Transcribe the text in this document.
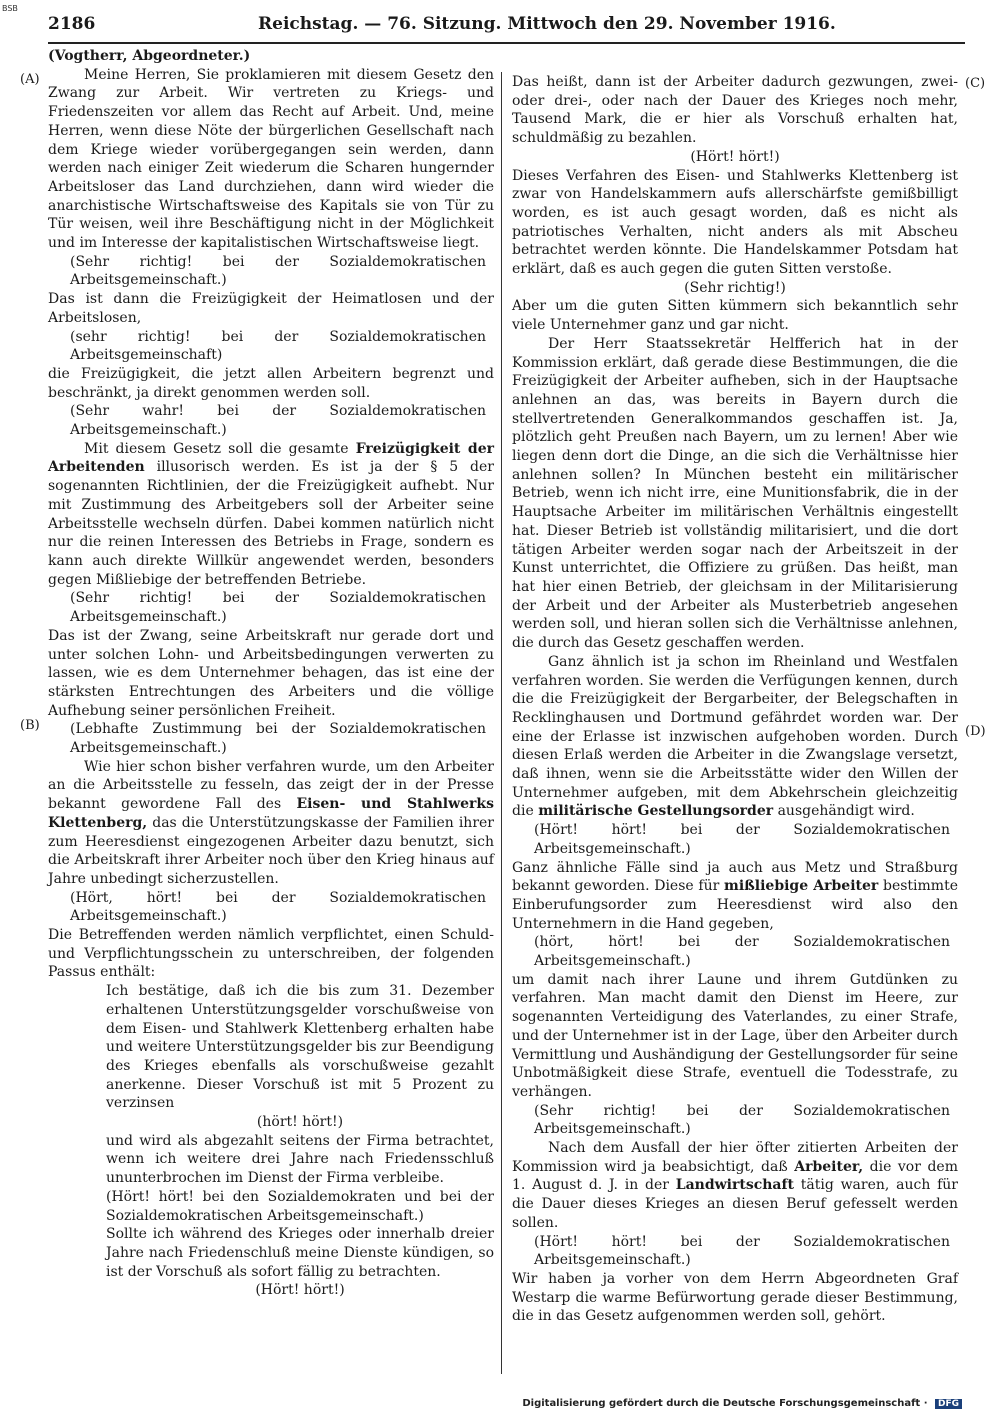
BSB
2186	Reichstag. — 76. Sitzung. Mittwoch den 29. November 1916.
(A)
(B)
(C)
(D)

(Vogtherr, Abgeordneter.)

Meine Herren, Sie proklamieren mit diesem Gesetz den Zwang zur Arbeit. Wir vertreten zu Kriegs- und Friedenszeiten vor allem das Recht auf Arbeit. Und, meine Herren, wenn diese Nöte der bürgerlichen Gesellschaft nach dem Kriege wieder vorübergegangen sein werden, dann werden nach einiger Zeit wiederum die Scharen hungernder Arbeitsloser das Land durchziehen, dann wird wieder die anarchistische Wirtschaftsweise des Kapitals sie von Tür zu Tür weisen, weil ihre Beschäftigung nicht in der Möglichkeit und im Interesse der kapitalistischen Wirtschaftsweise liegt.

(Sehr richtig! bei der Sozialdemokratischen Arbeitsgemeinschaft.)

Das ist dann die Freizügigkeit der Heimatlosen und der Arbeitslosen,

(sehr richtig! bei der Sozialdemokratischen Arbeitsgemeinschaft)

die Freizügigkeit, die jetzt allen Arbeitern begrenzt und beschränkt, ja direkt genommen werden soll.

(Sehr wahr! bei der Sozialdemokratischen Arbeitsgemeinschaft.)

Mit diesem Gesetz soll die gesamte Freizügigkeit der Arbeitenden illusorisch werden. Es ist ja der § 5 der sogenannten Richtlinien, der die Freizügigkeit aufhebt. Nur mit Zustimmung des Arbeitgebers soll der Arbeiter seine Arbeitsstelle wechseln dürfen. Dabei kommen natürlich nicht nur die reinen Interessen des Betriebs in Frage, sondern es kann auch direkte Willkür angewendet werden, besonders gegen Mißliebige der betreffenden Betriebe.

(Sehr richtig! bei der Sozialdemokratischen Arbeitsgemeinschaft.)

Das ist der Zwang, seine Arbeitskraft nur gerade dort und unter solchen Lohn- und Arbeitsbedingungen verwerten zu lassen, wie es dem Unternehmer behagen, das ist eine der stärksten Entrechtungen des Arbeiters und die völlige Aufhebung seiner persönlichen Freiheit.

(Lebhafte Zustimmung bei der Sozialdemokratischen Arbeitsgemeinschaft.)

Wie hier schon bisher verfahren wurde, um den Arbeiter an die Arbeitsstelle zu fesseln, das zeigt der in der Presse bekannt gewordene Fall des Eisen- und Stahlwerks Klettenberg, das die Unterstützungskasse der Familien ihrer zum Heeresdienst eingezogenen Arbeiter dazu benutzt, sich die Arbeitskraft ihrer Arbeiter noch über den Krieg hinaus auf Jahre unbedingt sicherzustellen.

(Hört, hört! bei der Sozialdemokratischen Arbeitsgemeinschaft.)

Die Betreffenden werden nämlich verpflichtet, einen Schuld- und Verpflichtungsschein zu unterschreiben, der folgenden Passus enthält:

Ich bestätige, daß ich die bis zum 31. Dezember erhaltenen Unterstützungsgelder vorschußweise von dem Eisen- und Stahlwerk Klettenberg erhalten habe und weitere Unterstützungsgelder bis zur Beendigung des Krieges ebenfalls als vorschußweise gezahlt anerkenne. Dieser Vorschuß ist mit 5 Prozent zu verzinsen

(hört! hört!)

und wird als abgezahlt seitens der Firma betrachtet, wenn ich weitere drei Jahre nach Friedensschluß ununterbrochen im Dienst der Firma verbleibe.

(Hört! hört! bei den Sozialdemokraten und bei der Sozialdemokratischen Arbeitsgemeinschaft.)

Sollte ich während des Krieges oder innerhalb dreier Jahre nach Friedenschluß meine Dienste kündigen, so ist der Vorschuß als sofort fällig zu betrachten.

(Hört! hört!)

Das heißt, dann ist der Arbeiter dadurch gezwungen, zwei- oder drei-, oder nach der Dauer des Krieges noch mehr, Tausend Mark, die er hier als Vorschuß erhalten hat, schuldmäßig zu bezahlen.

(Hört! hört!)

Dieses Verfahren des Eisen- und Stahlwerks Klettenberg ist zwar von Handelskammern aufs allerschärfste gemißbilligt worden, es ist auch gesagt worden, daß es nicht als patriotisches Verhalten, nicht anders als mit Abscheu betrachtet werden könnte. Die Handelskammer Potsdam hat erklärt, daß es auch gegen die guten Sitten verstoße.

(Sehr richtig!)

Aber um die guten Sitten kümmern sich bekanntlich sehr viele Unternehmer ganz und gar nicht.

Der Herr Staatssekretär Helfferich hat in der Kommission erklärt, daß gerade diese Bestimmungen, die die Freizügigkeit der Arbeiter aufheben, sich in der Hauptsache anlehnen an das, was bereits in Bayern durch die stellvertretenden Generalkommandos geschaffen ist. Ja, plötzlich geht Preußen nach Bayern, um zu lernen! Aber wie liegen denn dort die Dinge, an die sich die Verhältnisse hier anlehnen sollen? In München besteht ein militärischer Betrieb, wenn ich nicht irre, eine Munitionsfabrik, die in der Hauptsache Arbeiter im militärischen Verhältnis eingestellt hat. Dieser Betrieb ist vollständig militarisiert, und die dort tätigen Arbeiter werden sogar nach der Arbeitszeit in der Kunst unterrichtet, die Offiziere zu grüßen. Das heißt, man hat hier einen Betrieb, der gleichsam in der Militarisierung der Arbeit und der Arbeiter als Musterbetrieb angesehen werden soll, und hieran sollen sich die Verhältnisse anlehnen, die durch das Gesetz geschaffen werden.

Ganz ähnlich ist ja schon im Rheinland und Westfalen verfahren worden. Sie werden die Verfügungen kennen, durch die die Freizügigkeit der Bergarbeiter, der Belegschaften in Recklinghausen und Dortmund gefährdet worden war. Der eine der Erlasse ist inzwischen aufgehoben worden. Durch diesen Erlaß werden die Arbeiter in die Zwangslage versetzt, daß ihnen, wenn sie die Arbeitsstätte wider den Willen der Unternehmer aufgeben, mit dem Abkehrschein gleichzeitig die militärische Gestellungsorder ausgehändigt wird.

(Hört! hört! bei der Sozialdemokratischen Arbeitsgemeinschaft.)

Ganz ähnliche Fälle sind ja auch aus Metz und Straßburg bekannt geworden. Diese für mißliebige Arbeiter bestimmte Einberufungsorder zum Heeresdienst wird also den Unternehmern in die Hand gegeben,

(hört, hört! bei der Sozialdemokratischen Arbeitsgemeinschaft.)

um damit nach ihrer Laune und ihrem Gutdünken zu verfahren. Man macht damit den Dienst im Heere, zur sogenannten Verteidigung des Vaterlandes, zu einer Strafe, und der Unternehmer ist in der Lage, über den Arbeiter durch Vermittlung und Aushändigung der Gestellungsorder für seine Unbotmäßigkeit diese Strafe, eventuell die Todesstrafe, zu verhängen.

(Sehr richtig! bei der Sozialdemokratischen Arbeitsgemeinschaft.)

Nach dem Ausfall der hier öfter zitierten Arbeiten der Kommission wird ja beabsichtigt, daß Arbeiter, die vor dem 1. August d. J. in der Landwirtschaft tätig waren, auch für die Dauer dieses Krieges an diesen Beruf gefesselt werden sollen.

(Hört! hört! bei der Sozialdemokratischen Arbeitsgemeinschaft.)

Wir haben ja vorher von dem Herrn Abgeordneten Graf Westarp die warme Befürwortung gerade dieser Bestimmung, die in das Gesetz aufgenommen werden soll, gehört.

Digitalisierung gefördert durch die Deutsche Forschungsgemeinschaft · DFG
